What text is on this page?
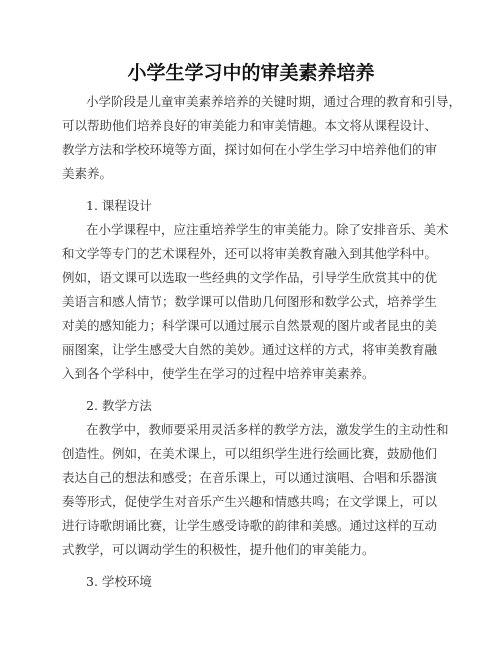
小学生学习中的审美素养培养
小学阶段是儿童审美素养培养的关键时期，通过合理的教育和引导，
可以帮助他们培养良好的审美能力和审美情趣。本文将从课程设计、
教学方法和学校环境等方面，探讨如何在小学生学习中培养他们的审
美素养。
1. 课程设计
在小学课程中，应注重培养学生的审美能力。除了安排音乐、美术
和文学等专门的艺术课程外，还可以将审美教育融入到其他学科中。
例如，语文课可以选取一些经典的文学作品，引导学生欣赏其中的优
美语言和感人情节；数学课可以借助几何图形和数学公式，培养学生
对美的感知能力；科学课可以通过展示自然景观的图片或者昆虫的美
丽图案，让学生感受大自然的美妙。通过这样的方式，将审美教育融
入到各个学科中，使学生在学习的过程中培养审美素养。
2. 教学方法
在教学中，教师要采用灵活多样的教学方法，激发学生的主动性和
创造性。例如，在美术课上，可以组织学生进行绘画比赛，鼓励他们
表达自己的想法和感受；在音乐课上，可以通过演唱、合唱和乐器演
奏等形式，促使学生对音乐产生兴趣和情感共鸣；在文学课上，可以
进行诗歌朗诵比赛，让学生感受诗歌的韵律和美感。通过这样的互动
式教学，可以调动学生的积极性，提升他们的审美能力。
3. 学校环境
